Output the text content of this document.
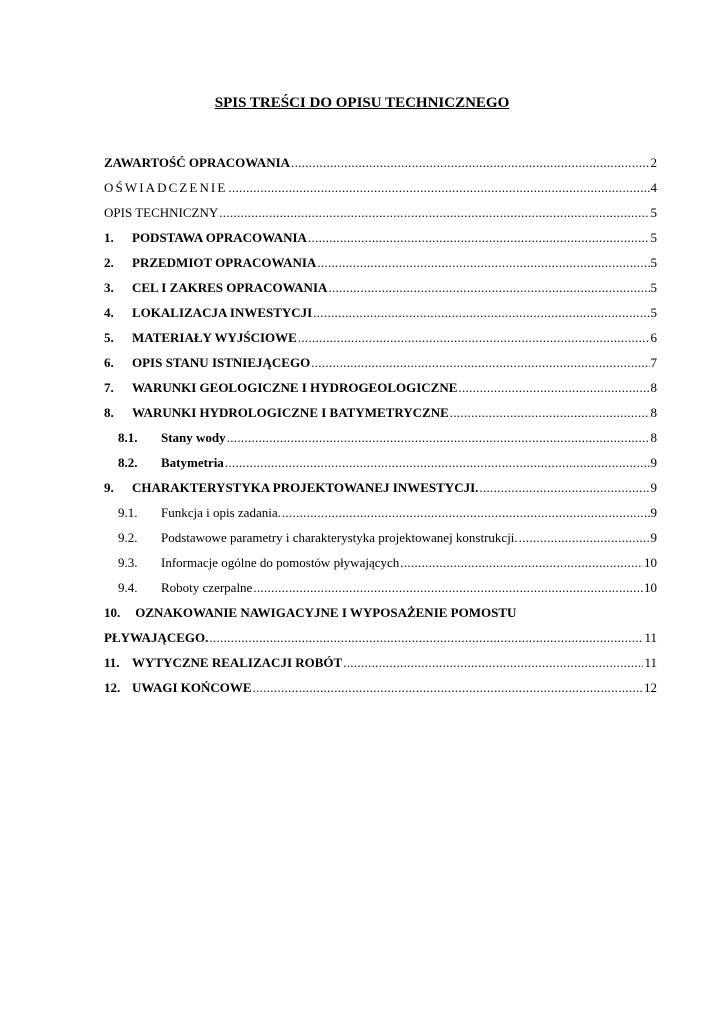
SPIS TREŚCI DO OPISU TECHNICZNEGO
ZAWARTOŚĆ OPRACOWANIA .....	2
OŚWIADCZENIE .....	4
OPIS TECHNICZNY .....	5
1.	PODSTAWA OPRACOWANIA .....	5
2.	PRZEDMIOT OPRACOWANIA .....	5
3.	CEL I ZAKRES OPRACOWANIA .....	5
4.	LOKALIZACJA INWESTYCJI .....	5
5.	MATERIAŁY WYJŚCIOWE .....	6
6.	OPIS STANU ISTNIEJĄCEGO .....	7
7.	WARUNKI GEOLOGICZNE I HYDROGEOLOGICZNE .....	8
8.	WARUNKI HYDROLOGICZNE I BATYMETRYCZNE .....	8
8.1.	Stany wody .....	8
8.2.	Batymetria .....	9
9.	CHARAKTERYSTYKA PROJEKTOWANEJ INWESTYCJI. .....	9
9.1.	Funkcja i opis zadania. .....	9
9.2.	Podstawowe parametry i charakterystyka projektowanej konstrukcji. .....	9
9.3.	Informacje ogólne do pomostów pływających .....	10
9.4.	Roboty czerpalne .....	10
10. OZNAKOWANIE NAWIGACYJNE I WYPOSAŻENIE POMOSTU
PŁYWAJĄCEGO. .....	11
11. WYTYCZNE REALIZACJI ROBÓT .....	11
12. UWAGI KOŃCOWE .....	12
